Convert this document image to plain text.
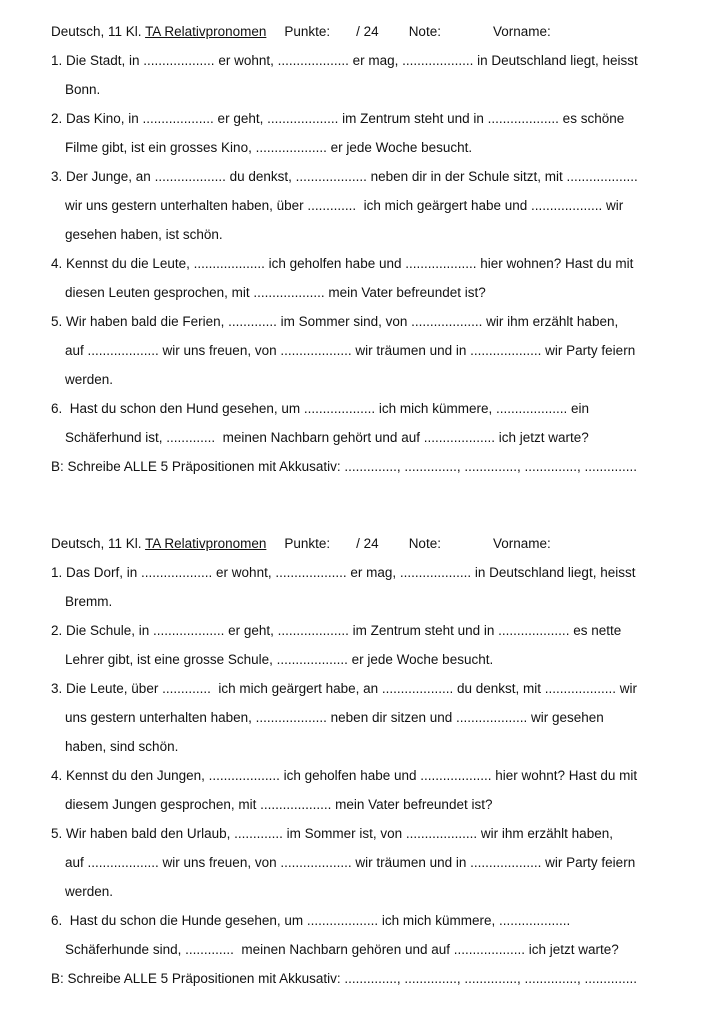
Deutsch, 11 Kl. TA Relativpronomen Punkte: / 24 Note:	Vorname:
1. Die Stadt, in ................... er wohnt, ................... er mag, ................... in Deutschland liegt, heisst
Bonn.
2. Das Kino, in ................... er geht, ................... im Zentrum steht und in ................... es schöne
Filme gibt, ist ein grosses Kino, ................... er jede Woche besucht.
3. Der Junge, an ................... du denkst, ................... neben dir in der Schule sitzt, mit ...................
wir uns gestern unterhalten haben, über .............  ich mich geärgert habe und ................... wir
gesehen haben, ist schön.
4. Kennst du die Leute, ................... ich geholfen habe und ................... hier wohnen? Hast du mit
diesen Leuten gesprochen, mit ................... mein Vater befreundet ist?
5. Wir haben bald die Ferien, ............. im Sommer sind, von ................... wir ihm erzählt haben,
auf ................... wir uns freuen, von ................... wir träumen und in ................... wir Party feiern
werden.
6.  Hast du schon den Hund gesehen, um ................... ich mich kümmere, ................... ein
Schäferhund ist, .............  meinen Nachbarn gehört und auf ................... ich jetzt warte?
B: Schreibe ALLE 5 Präpositionen mit Akkusativ: .............., .............., .............., .............., ..............
Deutsch, 11 Kl. TA Relativpronomen Punkte: / 24 Note:	Vorname:
1. Das Dorf, in ................... er wohnt, ................... er mag, ................... in Deutschland liegt, heisst
Bremm.
2. Die Schule, in ................... er geht, ................... im Zentrum steht und in ................... es nette
Lehrer gibt, ist eine grosse Schule, ................... er jede Woche besucht.
3. Die Leute, über .............  ich mich geärgert habe, an ................... du denkst, mit ................... wir
uns gestern unterhalten haben, ................... neben dir sitzen und ................... wir gesehen
haben, sind schön.
4. Kennst du den Jungen, ................... ich geholfen habe und ................... hier wohnt? Hast du mit
diesem Jungen gesprochen, mit ................... mein Vater befreundet ist?
5. Wir haben bald den Urlaub, ............. im Sommer ist, von ................... wir ihm erzählt haben,
auf ................... wir uns freuen, von ................... wir träumen und in ................... wir Party feiern
werden.
6.  Hast du schon die Hunde gesehen, um ................... ich mich kümmere, ...................
Schäferhunde sind, .............  meinen Nachbarn gehören und auf ................... ich jetzt warte?
B: Schreibe ALLE 5 Präpositionen mit Akkusativ: .............., .............., .............., .............., ..............
